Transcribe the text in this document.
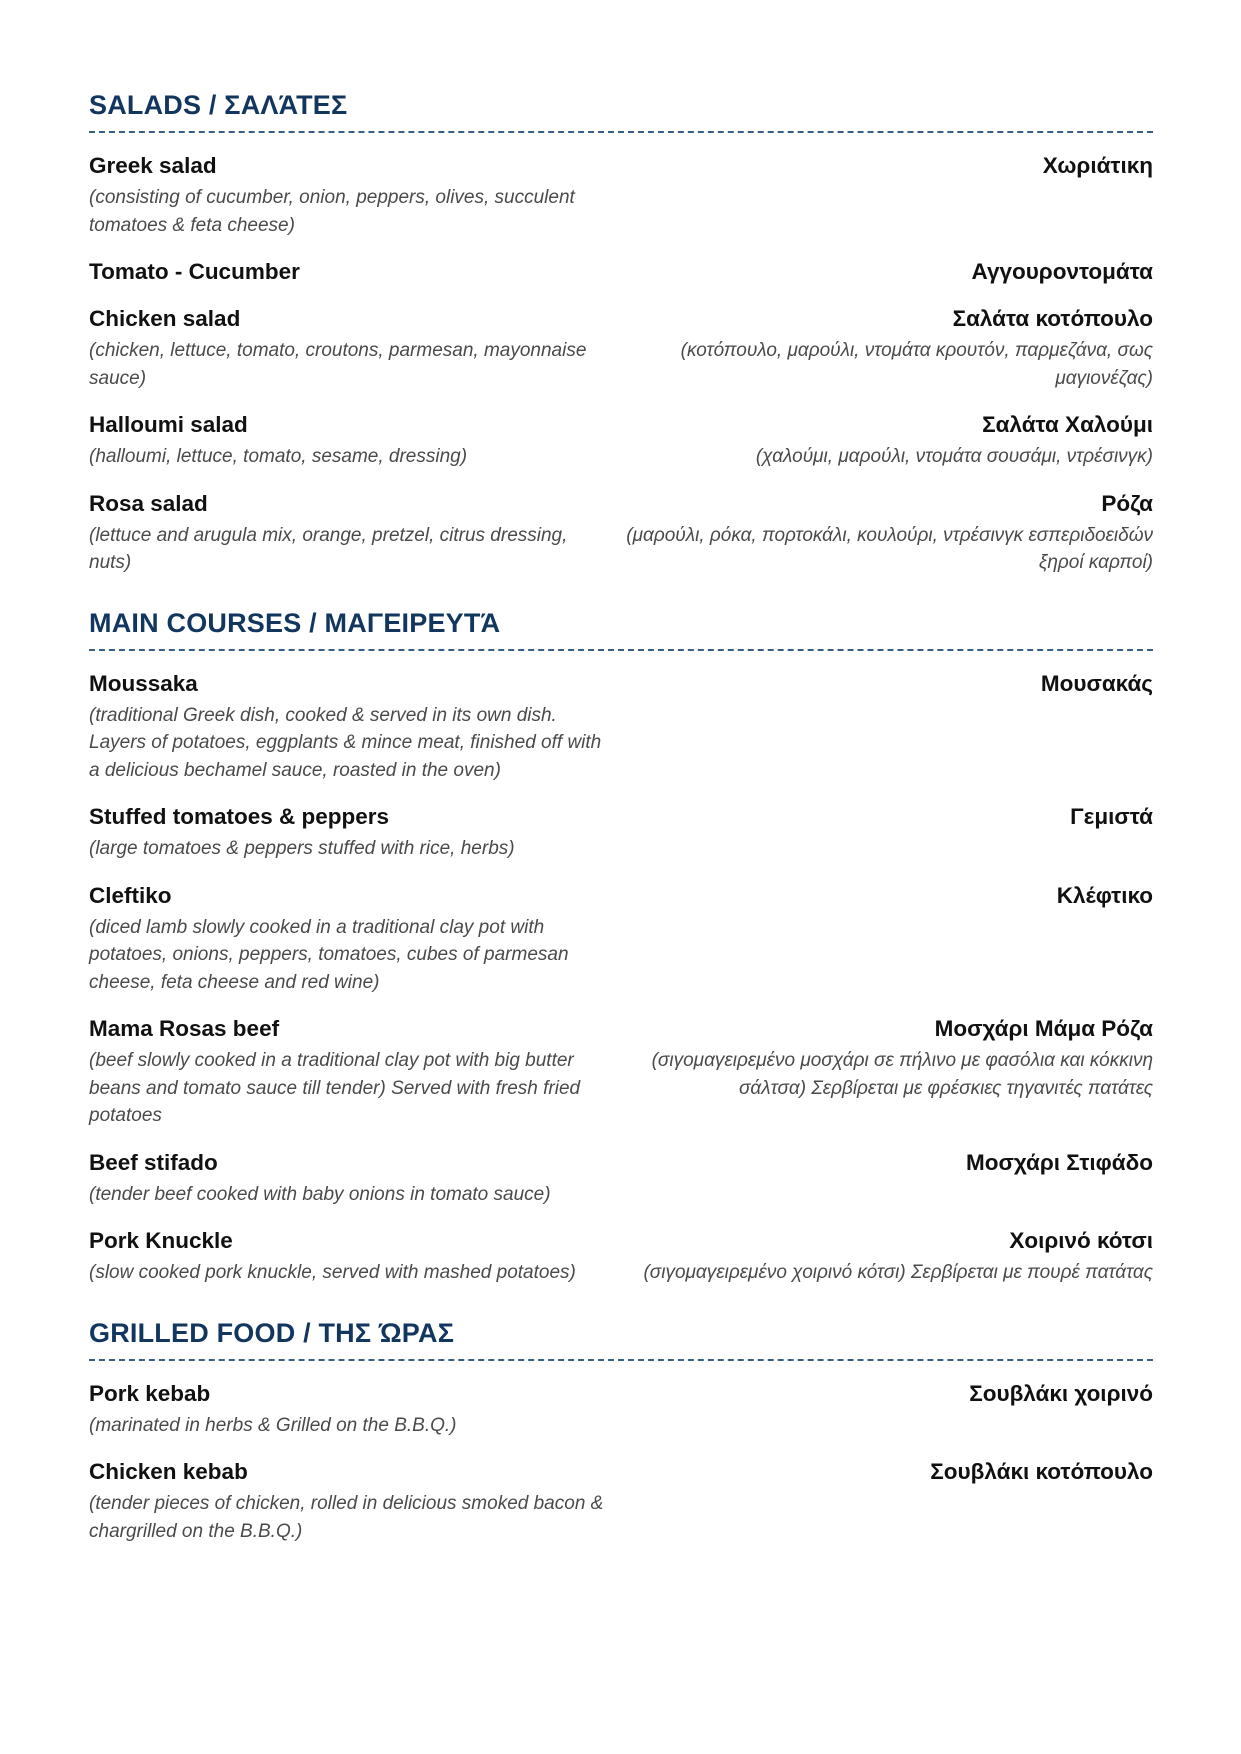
SALADS / ΣΑΛΆΤΕΣ
Greek salad
(consisting of cucumber, onion, peppers, olives, succulent tomatoes & feta cheese)
Χωριάτικη
Tomato - Cucumber	Αγγουροντομάτα
Chicken salad
(chicken, lettuce, tomato, croutons, parmesan, mayonnaise sauce)
Σαλάτα κοτόπουλο
(κοτόπουλο, μαρούλι, ντομάτα κρουτόν, παρμεζάνα, σως μαγιονέζας)
Halloumi salad
(halloumi, lettuce, tomato, sesame, dressing)
Σαλάτα Χαλούμι
(χαλούμι, μαρούλι, ντομάτα σουσάμι, ντρέσινγκ)
Rosa salad
(lettuce and arugula mix, orange, pretzel, citrus dressing, nuts)
Ρόζα
(μαρούλι, ρόκα, πορτοκάλι, κουλούρι, ντρέσινγκ εσπεριδοειδών ξηροί καρποί)
MAIN COURSES / ΜΑΓΕΙΡΕΥΤΆ
Moussaka
(traditional Greek dish, cooked & served in its own dish. Layers of potatoes, eggplants & mince meat, finished off with a delicious bechamel sauce, roasted in the oven)
Μουσακάς
Stuffed tomatoes & peppers
(large tomatoes & peppers stuffed with rice, herbs)
Γεμιστά
Cleftiko
(diced lamb slowly cooked in a traditional clay pot with potatoes, onions, peppers, tomatoes, cubes of parmesan cheese, feta cheese and red wine)
Κλέφτικο
Mama Rosas beef
(beef slowly cooked in a traditional clay pot with big butter beans and tomato sauce till tender) Served with fresh fried potatoes
Μοσχάρι Μάμα Ρόζα
(σιγομαγειρεμένο μοσχάρι σε πήλινο με φασόλια και κόκκινη σάλτσα) Σερβίρεται με φρέσκιες τηγανιτές πατάτες
Beef stifado
(tender beef cooked with baby onions in tomato sauce)
Μοσχάρι Στιφάδο
Pork Knuckle
(slow cooked pork knuckle, served with mashed potatoes)
Χοιρινό κότσι
(σιγομαγειρεμένο χοιρινό κότσι) Σερβίρεται με πουρέ πατάτας
GRILLED FOOD / ΤΗΣ ΏΡΑΣ
Pork kebab
(marinated in herbs & Grilled on the B.B.Q.)
Σουβλάκι χοιρινό
Chicken kebab
(tender pieces of chicken, rolled in delicious smoked bacon & chargrilled on the B.B.Q.)
Σουβλάκι κοτόπουλο
